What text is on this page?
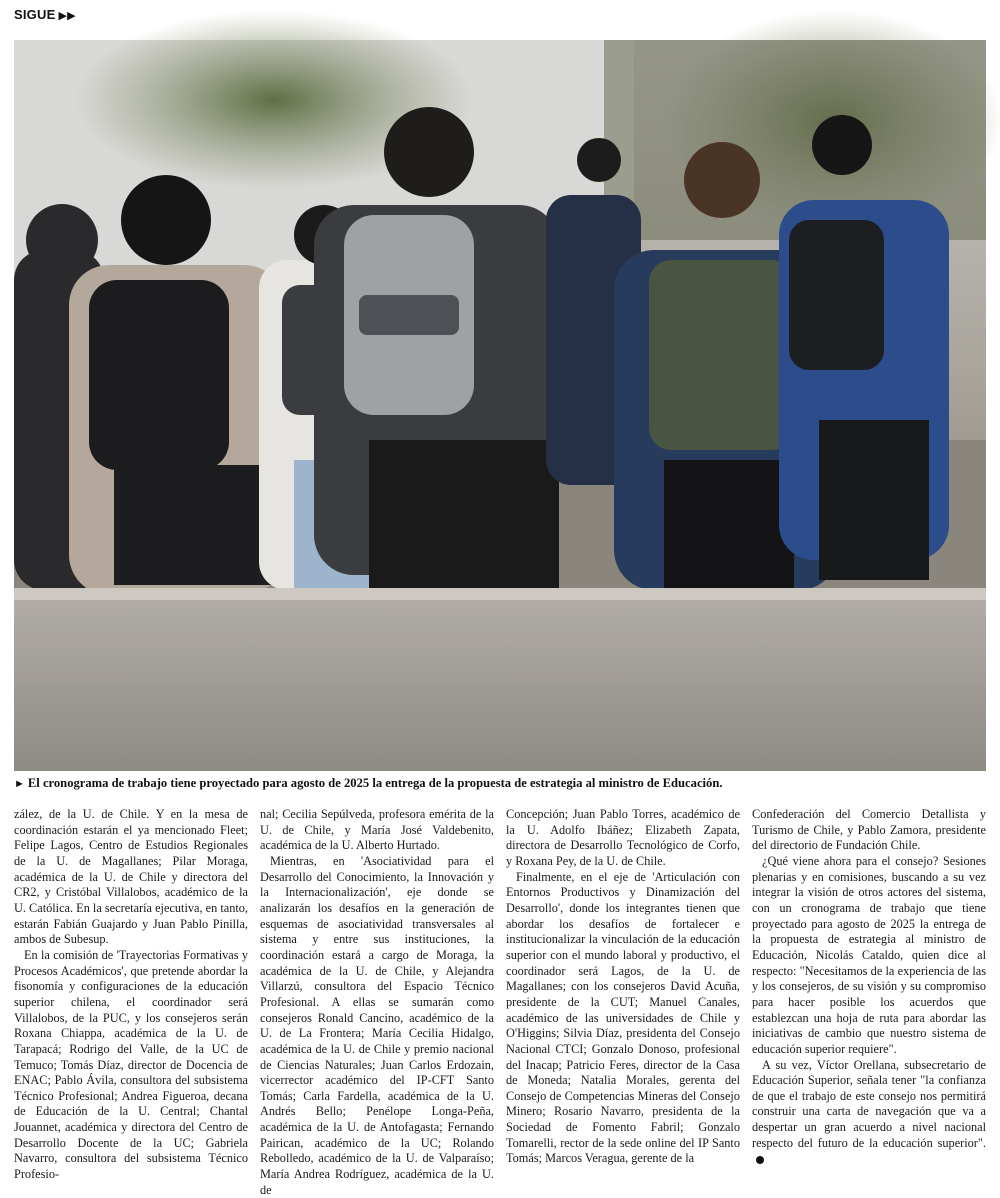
SIGUE ▶▶
► El cronograma de trabajo tiene proyectado para agosto de 2025 la entrega de la propuesta de estrategia al ministro de Educación.

zález, de la U. de Chile. Y en la mesa de coordinación estarán el ya mencionado Fleet; Felipe Lagos, Centro de Estudios Regionales de la U. de Magallanes; Pilar Moraga, académica de la U. de Chile y directora del CR2, y Cristóbal Villalobos, académico de la U. Católica. En la secretaría ejecutiva, en tanto, estarán Fabián Guajardo y Juan Pablo Pinilla, ambos de Subesup.

En la comisión de 'Trayectorias Formativas y Procesos Académicos', que pretende abordar la fisonomía y configuraciones de la educación superior chilena, el coordinador será Villalobos, de la PUC, y los consejeros serán Roxana Chiappa, académica de la U. de Tarapacá; Rodrigo del Valle, de la UC de Temuco; Tomás Díaz, director de Docencia de ENAC; Pablo Ávila, consultora del subsistema Técnico Profesional; Andrea Figueroa, decana de Educación de la U. Central; Chantal Jouannet, académica y directora del Centro de Desarrollo Docente de la UC; Gabriela Navarro, consultora del subsistema Técnico Profesio-

nal; Cecilia Sepúlveda, profesora emérita de la U. de Chile, y María José Valdebenito, académica de la U. Alberto Hurtado.

Mientras, en 'Asociatividad para el Desarrollo del Conocimiento, la Innovación y la Internacionalización', eje donde se analizarán los desafíos en la generación de esquemas de asociatividad transversales al sistema y entre sus instituciones, la coordinación estará a cargo de Moraga, la académica de la U. de Chile, y Alejandra Villarzú, consultora del Espacio Técnico Profesional. A ellas se sumarán como consejeros Ronald Cancino, académico de la U. de La Frontera; María Cecilia Hidalgo, académica de la U. de Chile y premio nacional de Ciencias Naturales; Juan Carlos Erdozain, vicerrector académico del IP-CFT Santo Tomás; Carla Fardella, académica de la U. Andrés Bello; Penélope Longa-Peña, académica de la U. de Antofagasta; Fernando Pairican, académico de la UC; Rolando Rebolledo, académico de la U. de Valparaíso; María Andrea Rodríguez, académica de la U. de

Concepción; Juan Pablo Torres, académico de la U. Adolfo Ibáñez; Elizabeth Zapata, directora de Desarrollo Tecnológico de Corfo, y Roxana Pey, de la U. de Chile.

Finalmente, en el eje de 'Articulación con Entornos Productivos y Dinamización del Desarrollo', donde los integrantes tienen que abordar los desafíos de fortalecer e institucionalizar la vinculación de la educación superior con el mundo laboral y productivo, el coordinador será Lagos, de la U. de Magallanes; con los consejeros David Acuña, presidente de la CUT; Manuel Canales, académico de las universidades de Chile y O'Higgins; Silvia Díaz, presidenta del Consejo Nacional CTCI; Gonzalo Donoso, profesional del Inacap; Patricio Feres, director de la Casa de Moneda; Natalia Morales, gerenta del Consejo de Competencias Mineras del Consejo Minero; Rosario Navarro, presidenta de la Sociedad de Fomento Fabril; Gonzalo Tomarelli, rector de la sede online del IP Santo Tomás; Marcos Veragua, gerente de la

Confederación del Comercio Detallista y Turismo de Chile, y Pablo Zamora, presidente del directorio de Fundación Chile.

¿Qué viene ahora para el consejo? Sesiones plenarias y en comisiones, buscando a su vez integrar la visión de otros actores del sistema, con un cronograma de trabajo que tiene proyectado para agosto de 2025 la entrega de la propuesta de estrategia al ministro de Educación, Nicolás Cataldo, quien dice al respecto: "Necesitamos de la experiencia de las y los consejeros, de su visión y su compromiso para hacer posible los acuerdos que establezcan una hoja de ruta para abordar las iniciativas de cambio que nuestro sistema de educación superior requiere".

A su vez, Víctor Orellana, subsecretario de Educación Superior, señala tener "la confianza de que el trabajo de este consejo nos permitirá construir una carta de navegación que va a despertar un gran acuerdo a nivel nacional respecto del futuro de la educación superior".
